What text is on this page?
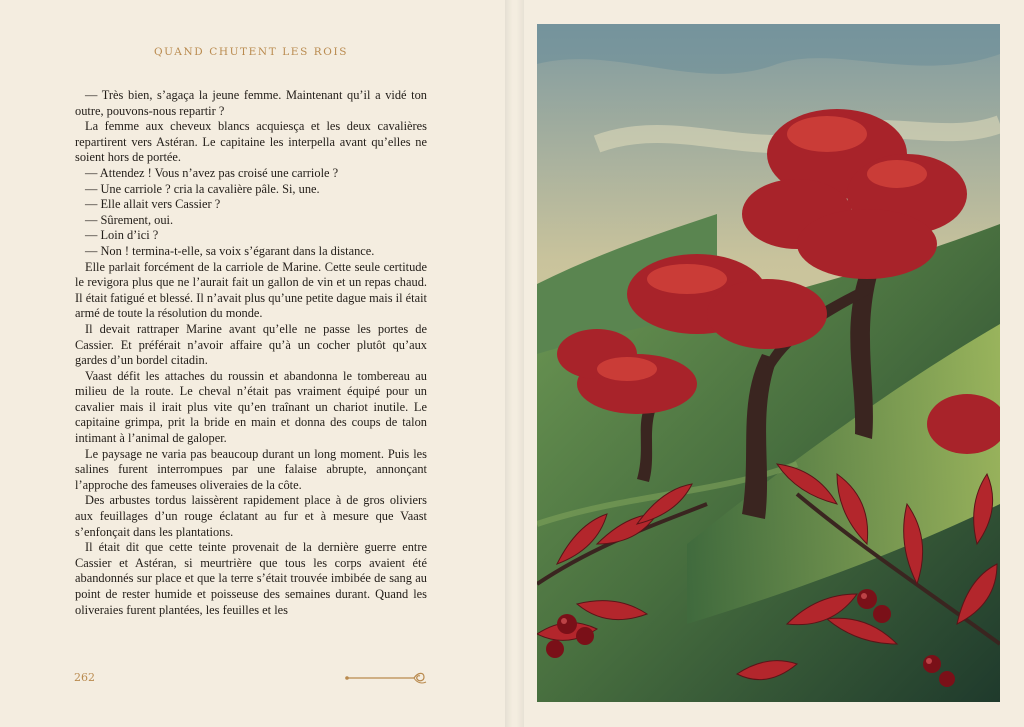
QUAND CHUTENT LES ROIS

— Très bien, s’agaça la jeune femme. Maintenant qu’il a vidé ton outre, pouvons-nous repartir ?

La femme aux cheveux blancs acquiesça et les deux cavalières repartirent vers Astéran. Le capitaine les interpella avant qu’elles ne soient hors de portée.

— Attendez ! Vous n’avez pas croisé une carriole ?

— Une carriole ? cria la cavalière pâle. Si, une.

— Elle allait vers Cassier ?

— Sûrement, oui.

— Loin d’ici ?

— Non ! termina-t-elle, sa voix s’égarant dans la distance.

Elle parlait forcément de la carriole de Marine. Cette seule certitude le revigora plus que ne l’aurait fait un gallon de vin et un repas chaud. Il était fatigué et blessé. Il n’avait plus qu’une petite dague mais il était armé de toute la résolution du monde.

Il devait rattraper Marine avant qu’elle ne passe les portes de Cassier. Et préférait n’avoir affaire qu’à un cocher plutôt qu’aux gardes d’un bordel citadin.

Vaast défit les attaches du roussin et abandonna le tombereau au milieu de la route. Le cheval n’était pas vraiment équipé pour un cavalier mais il irait plus vite qu’en traînant un chariot inutile. Le capitaine grimpa, prit la bride en main et donna des coups de talon intimant à l’animal de galoper.

Le paysage ne varia pas beaucoup durant un long moment. Puis les salines furent interrompues par une falaise abrupte, annonçant l’approche des fameuses oliveraies de la côte.

Des arbustes tordus laissèrent rapidement place à de gros oliviers aux feuillages d’un rouge éclatant au fur et à mesure que Vaast s’enfonçait dans les plantations.

Il était dit que cette teinte provenait de la dernière guerre entre Cassier et Astéran, si meurtrière que tous les corps avaient été abandonnés sur place et que la terre s’était trouvée imbibée de sang au point de rester humide et poisseuse des semaines durant. Quand les oliveraies furent plantées, les feuilles et les

262
